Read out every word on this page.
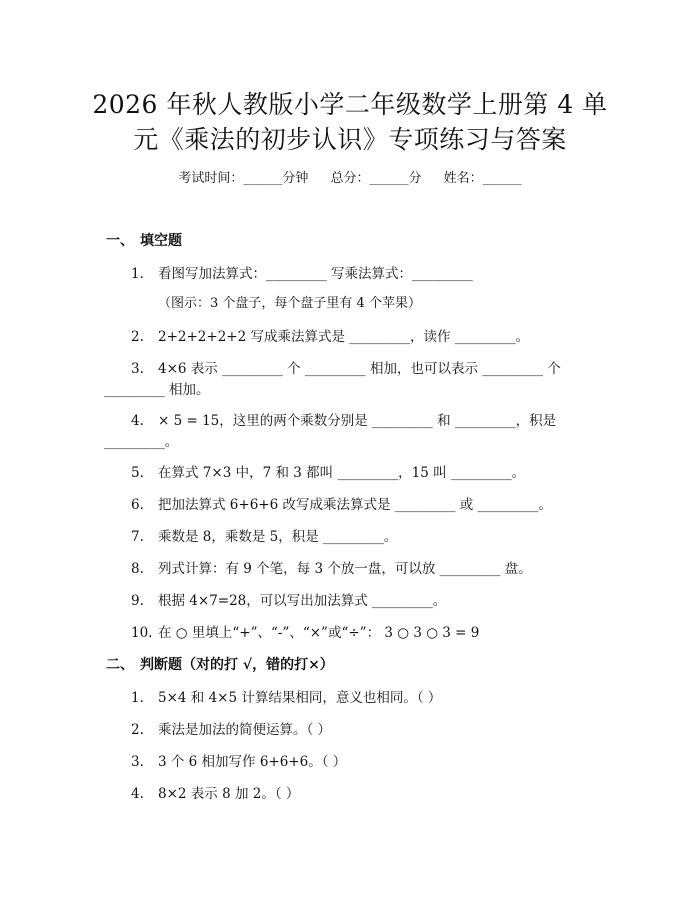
2026 年秋人教版小学二年级数学上册第 4 单
元《乘法的初步认识》专项练习与答案
考试时间：______分钟 总分：______分 姓名：______
一、 填空题
1. 看图写加法算式：_________ 写乘法算式：_________
（图示：3 个盘子，每个盘子里有 4 个苹果）
2. 2+2+2+2+2 写成乘法算式是 _________，读作 _________。
3. 4×6 表示 _________ 个 _________ 相加，也可以表示 _________ 个
_________ 相加。
4. × 5 = 15，这里的两个乘数分别是 _________ 和 _________，积是
_________。
5. 在算式 7×3 中，7 和 3 都叫 _________，15 叫 _________。
6. 把加法算式 6+6+6 改写成乘法算式是 _________ 或 _________。
7. 乘数是 8，乘数是 5，积是 _________。
8. 列式计算：有 9 个笔，每 3 个放一盘，可以放 _________ 盘。
9. 根据 4×7=28，可以写出加法算式 _________。
10. 在 ○ 里填上“+”、“-”、“×”或“÷”： 3 ○ 3 ○ 3 = 9
二、 判断题（对的打 √，错的打×）
1. 5×4 和 4×5 计算结果相同，意义也相同。（ ）
2. 乘法是加法的简便运算。（ ）
3. 3 个 6 相加写作 6+6+6。（ ）
4. 8×2 表示 8 加 2。（ ）
